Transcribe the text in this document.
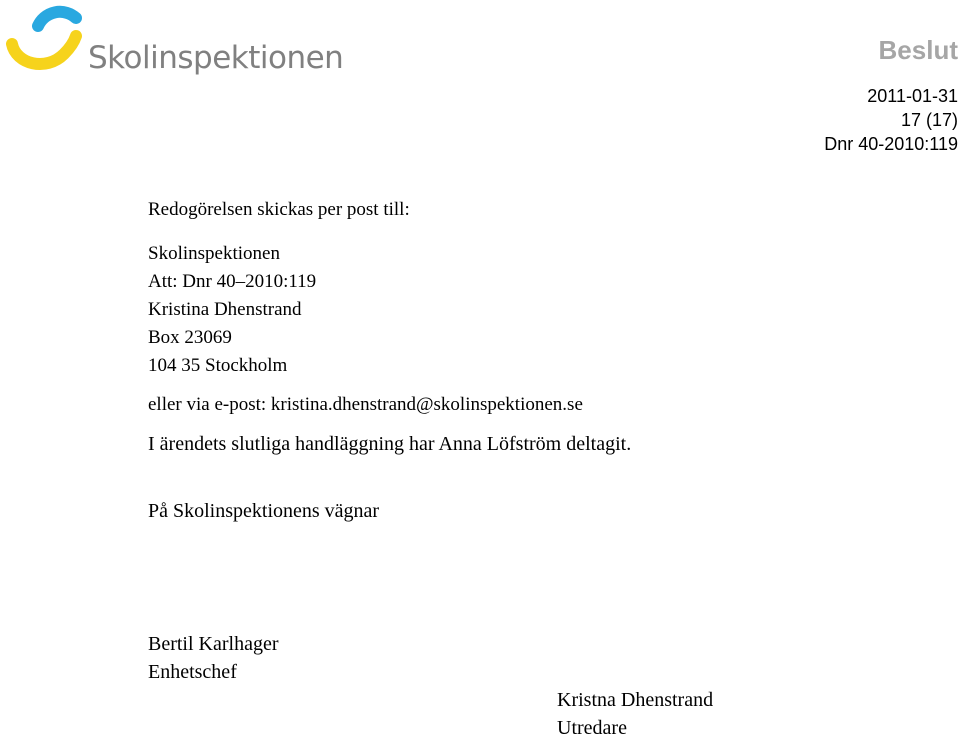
Skolinspektionen	Beslut
2011-01-31
17 (17)
Dnr 40-2010:119
Redogörelsen skickas per post till:
Skolinspektionen
Att: Dnr 40–2010:119
Kristina Dhenstrand
Box 23069
104 35 Stockholm
eller via e-post: kristina.dhenstrand@skolinspektionen.se
I ärendets slutliga handläggning har Anna Löfström deltagit.
På Skolinspektionens vägnar
Bertil Karlhager
Enhetschef
Kristna Dhenstrand
Utredare
